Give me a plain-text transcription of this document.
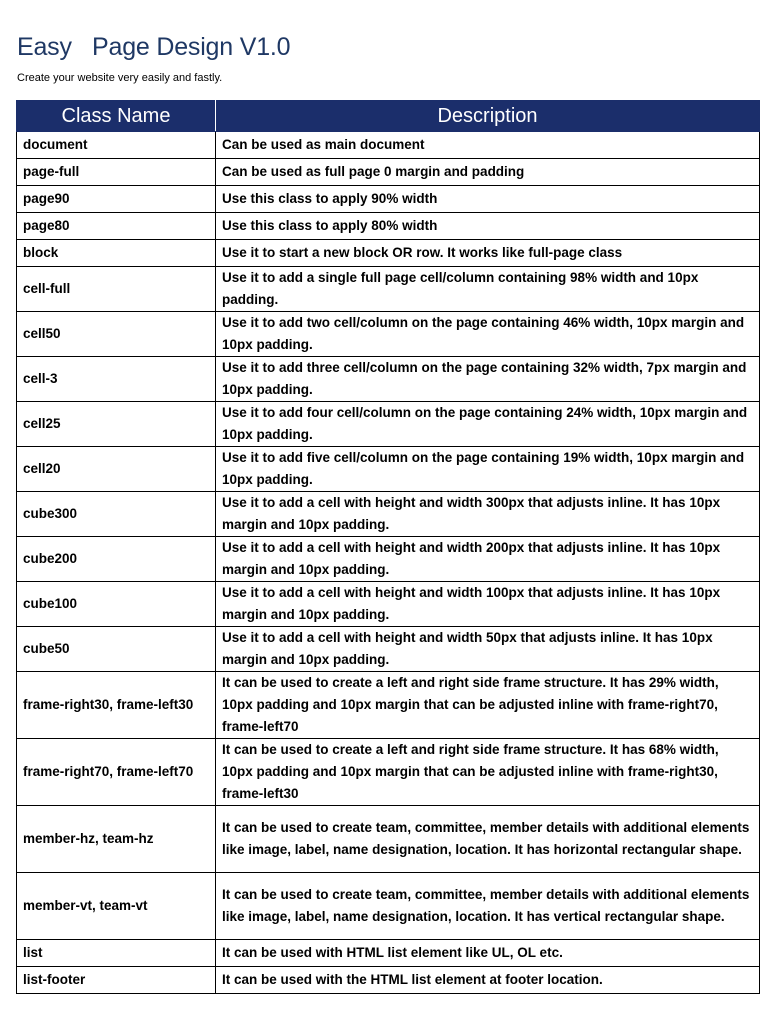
Easy   Page Design V1.0
Create your website very easily and fastly.
Class Name	Description
document	Can be used as main document
page-full	Can be used as full page 0 margin and padding
page90	Use this class to apply 90% width
page80	Use this class to apply 80% width
block	Use it to start a new block OR row. It works like full-page class
cell-full	Use it to add a single full page cell/column containing 98% width and 10px padding.
cell50	Use it to add two cell/column on the page containing 46% width, 10px margin and 10px padding.
cell-3	Use it to add three cell/column on the page containing 32% width, 7px margin and 10px padding.
cell25	Use it to add four cell/column on the page containing 24% width, 10px margin and 10px padding.
cell20	Use it to add five cell/column on the page containing 19% width, 10px margin and 10px padding.
cube300	Use it to add a cell with height and width 300px that adjusts inline. It has 10px margin and 10px padding.
cube200	Use it to add a cell with height and width 200px that adjusts inline. It has 10px margin and 10px padding.
cube100	Use it to add a cell with height and width 100px that adjusts inline. It has 10px margin and 10px padding.
cube50	Use it to add a cell with height and width 50px that adjusts inline. It has 10px margin and 10px padding.
frame-right30, frame-left30	It can be used to create a left and right side frame structure. It has 29% width, 10px padding and 10px margin that can be adjusted inline with frame-right70, frame-left70
frame-right70, frame-left70	It can be used to create a left and right side frame structure. It has 68% width, 10px padding and 10px margin that can be adjusted inline with frame-right30, frame-left30
member-hz, team-hz	It can be used to create team, committee, member details with additional elements like image, label, name designation, location. It has horizontal rectangular shape.
member-vt, team-vt	It can be used to create team, committee, member details with additional elements like image, label, name designation, location. It has vertical rectangular shape.
list	It can be used with HTML list element like UL, OL etc.
list-footer	It can be used with the HTML list element at footer location.
